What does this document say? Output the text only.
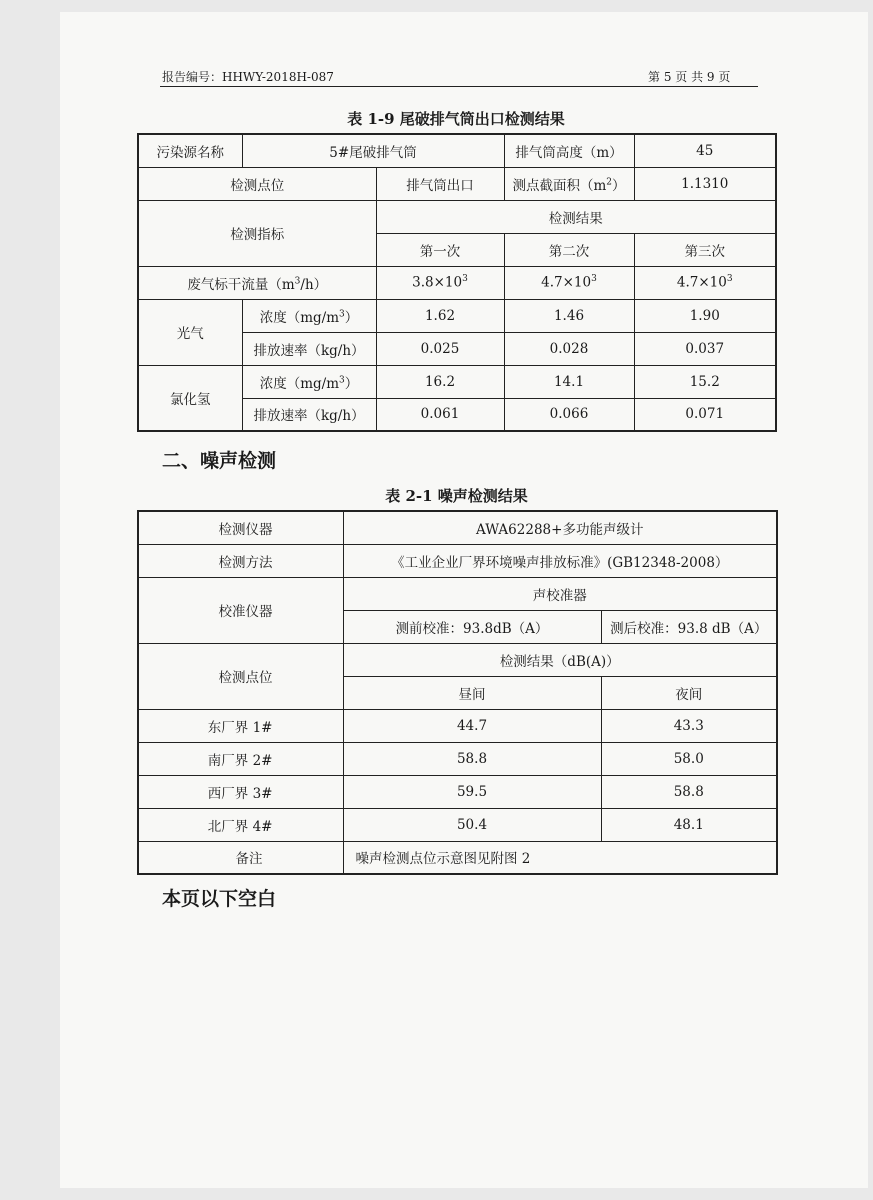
报告编号：HHWY-2018H-087	第 5 页 共 9 页
表 1-9 尾破排气筒出口检测结果
污染源名称	5#尾破排气筒		排气筒高度（m）	45
检测点位		排气筒出口	测点截面积$(m^2)$	1.1310
检测指标		检测结果		
		第一次	第二次	第三次
废气标干流量$(m^3/h)$		$3.8\times 10^3$	$4.7\times 10^3$	$4.7\times 10^3$
光气	浓度$(mg/m^3)$	1.62	1.46	1.90
	排放速率（kg/h）	0.025	0.028	0.037
氯化氢	浓度$(mg/m^3)$	16.2	14.1	15.2
	排放速率（kg/h）	0.061	0.066	0.071
二、噪声检测
表 2-1 噪声检测结果
检测仪器	AWA62288+多功能声级计	
检测方法	《工业企业厂界环境噪声排放标准》(GB12348-2008）	
校准仪器	声校准器	
	测前校准：93.8dB（A）	测后校准：93.8 dB（A）
检测点位	检测结果（dB(A)）	
	昼间	夜间
东厂界 1#	44.7	43.3
南厂界 2#	58.8	58.0
西厂界 3#	59.5	58.8
北厂界 4#	50.4	48.1
备注	噪声检测点位示意图见附图 2	
本页以下空白
